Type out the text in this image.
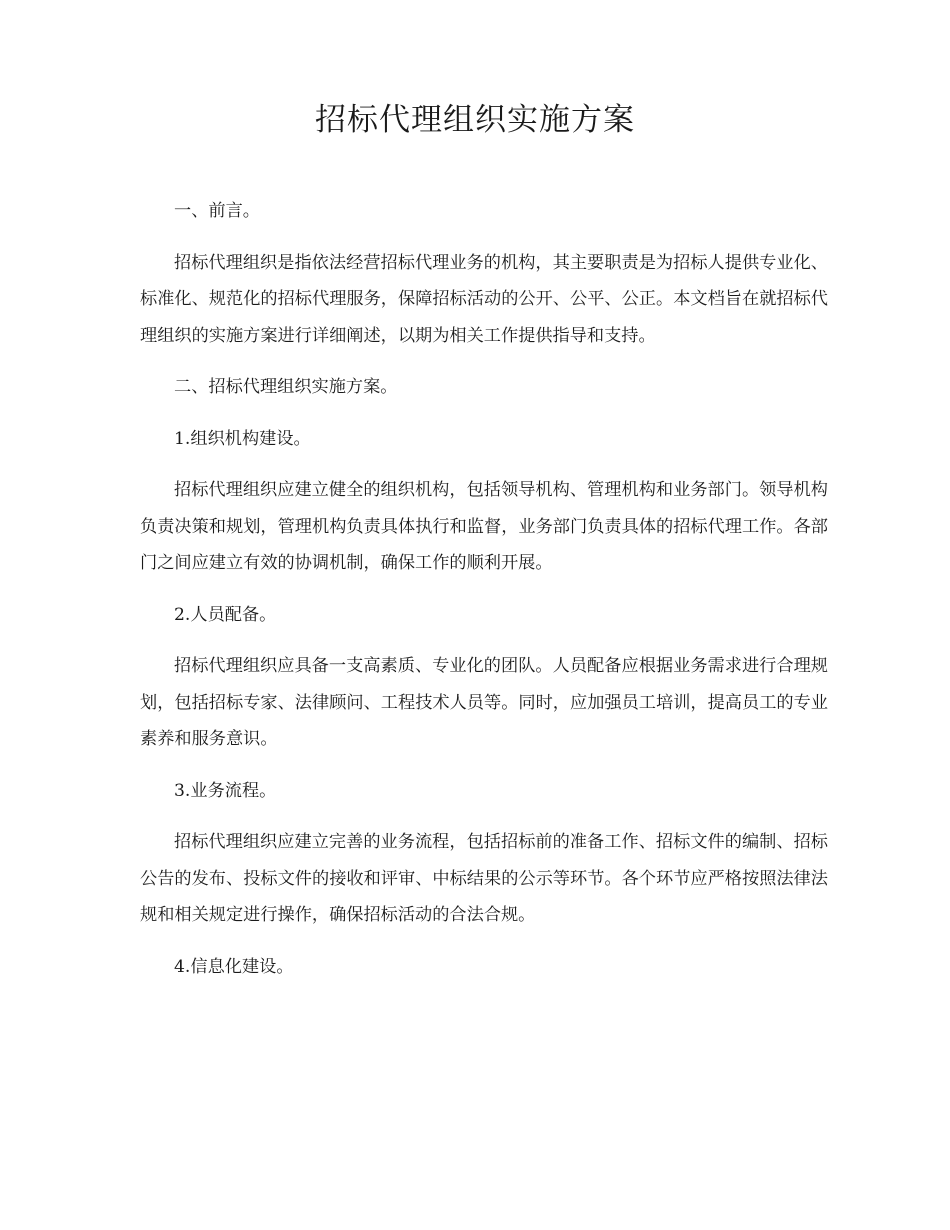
招标代理组织实施方案

一、前言。

招标代理组织是指依法经营招标代理业务的机构，其主要职责是为招标人提供专业化、标准化、规范化的招标代理服务，保障招标活动的公开、公平、公正。本文档旨在就招标代理组织的实施方案进行详细阐述，以期为相关工作提供指导和支持。

二、招标代理组织实施方案。

1.组织机构建设。

招标代理组织应建立健全的组织机构，包括领导机构、管理机构和业务部门。领导机构负责决策和规划，管理机构负责具体执行和监督，业务部门负责具体的招标代理工作。各部门之间应建立有效的协调机制，确保工作的顺利开展。

2.人员配备。

招标代理组织应具备一支高素质、专业化的团队。人员配备应根据业务需求进行合理规划，包括招标专家、法律顾问、工程技术人员等。同时，应加强员工培训，提高员工的专业素养和服务意识。

3.业务流程。

招标代理组织应建立完善的业务流程，包括招标前的准备工作、招标文件的编制、招标公告的发布、投标文件的接收和评审、中标结果的公示等环节。各个环节应严格按照法律法规和相关规定进行操作，确保招标活动的合法合规。

4.信息化建设。
